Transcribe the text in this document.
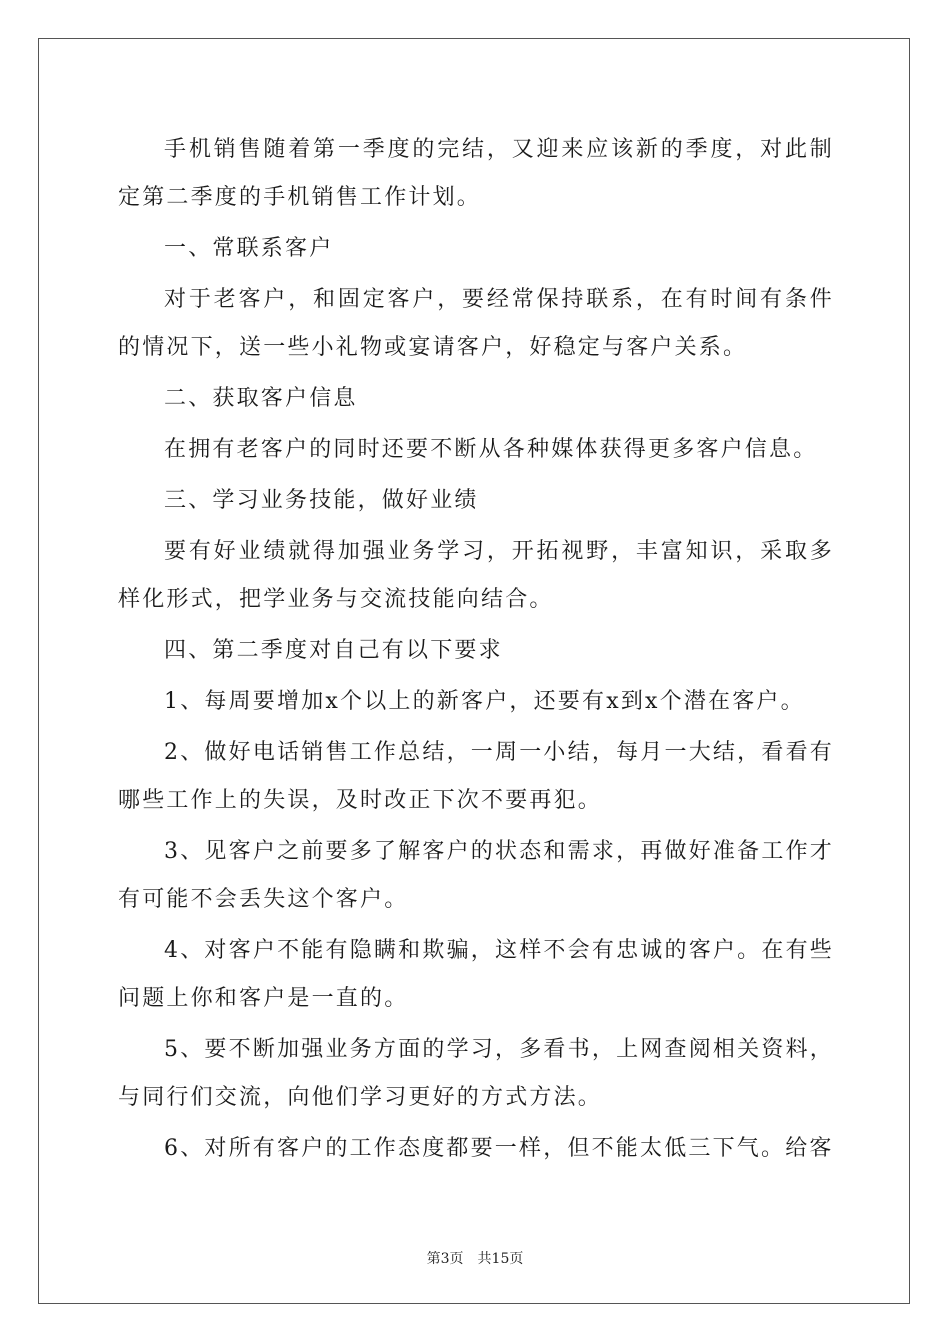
手机销售随着第一季度的完结，又迎来应该新的季度，对此制定第二季度的手机销售工作计划。

一、常联系客户

对于老客户，和固定客户，要经常保持联系，在有时间有条件的情况下，送一些小礼物或宴请客户，好稳定与客户关系。

二、获取客户信息

在拥有老客户的同时还要不断从各种媒体获得更多客户信息。

三、学习业务技能，做好业绩

要有好业绩就得加强业务学习，开拓视野，丰富知识，采取多样化形式，把学业务与交流技能向结合。

四、第二季度对自己有以下要求

1、每周要增加x个以上的新客户，还要有x到x个潜在客户。

2、做好电话销售工作总结，一周一小结，每月一大结，看看有哪些工作上的失误，及时改正下次不要再犯。

3、见客户之前要多了解客户的状态和需求，再做好准备工作才有可能不会丢失这个客户。

4、对客户不能有隐瞒和欺骗，这样不会有忠诚的客户。在有些问题上你和客户是一直的。

5、要不断加强业务方面的学习，多看书，上网查阅相关资料，与同行们交流，向他们学习更好的方式方法。

6、对所有客户的工作态度都要一样，但不能太低三下气。给客

第3页 共15页
